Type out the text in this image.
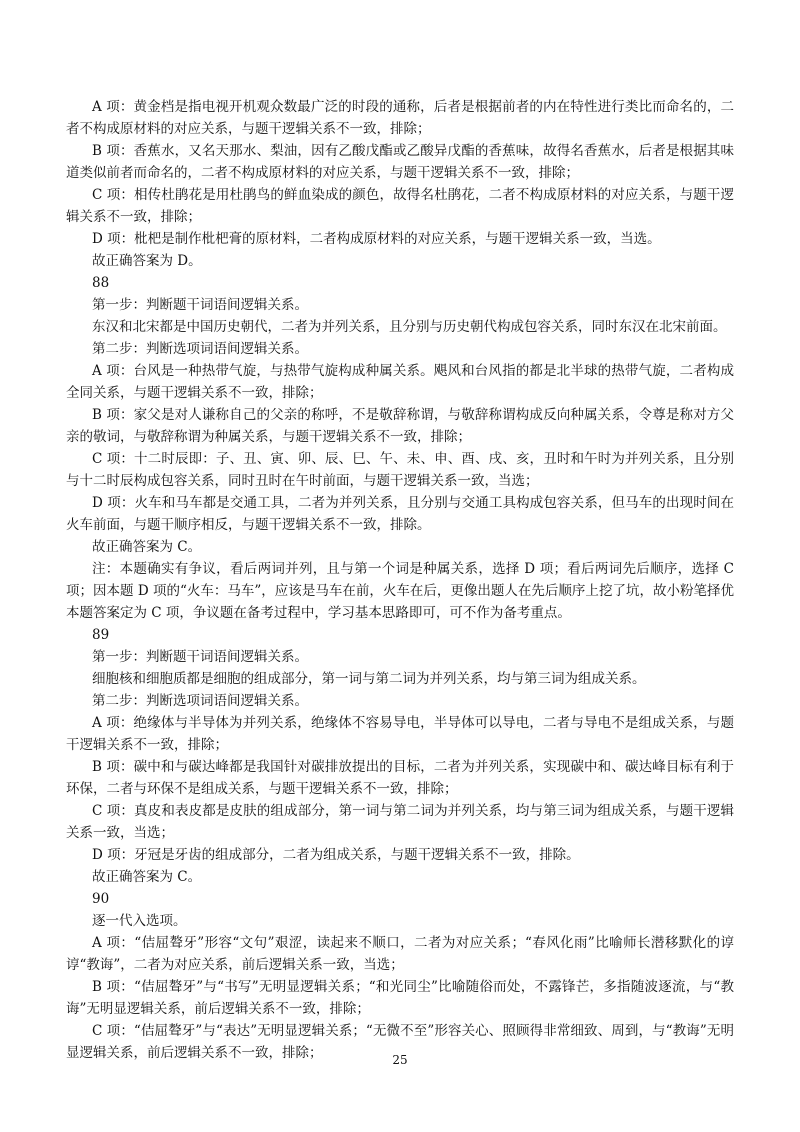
A 项：黄金档是指电视开机观众数最广泛的时段的通称，后者是根据前者的内在特性进行类比而命名的，二者不构成原材料的对应关系，与题干逻辑关系不一致，排除；

B 项：香蕉水，又名天那水、梨油，因有乙酸戊酯或乙酸异戊酯的香蕉味，故得名香蕉水，后者是根据其味道类似前者而命名的，二者不构成原材料的对应关系，与题干逻辑关系不一致，排除；

C 项：相传杜鹃花是用杜鹃鸟的鲜血染成的颜色，故得名杜鹃花，二者不构成原材料的对应关系，与题干逻辑关系不一致，排除；

D 项：枇杷是制作枇杷膏的原材料，二者构成原材料的对应关系，与题干逻辑关系一致，当选。

故正确答案为 D。

88

第一步：判断题干词语间逻辑关系。

东汉和北宋都是中国历史朝代，二者为并列关系，且分别与历史朝代构成包容关系，同时东汉在北宋前面。

第二步：判断选项词语间逻辑关系。

A 项：台风是一种热带气旋，与热带气旋构成种属关系。飓风和台风指的都是北半球的热带气旋，二者构成全同关系，与题干逻辑关系不一致，排除；

B 项：家父是对人谦称自己的父亲的称呼，不是敬辞称谓，与敬辞称谓构成反向种属关系，令尊是称对方父亲的敬词，与敬辞称谓为种属关系，与题干逻辑关系不一致，排除；

C 项：十二时辰即：子、丑、寅、卯、辰、巳、午、未、申、酉、戌、亥，丑时和午时为并列关系，且分别与十二时辰构成包容关系，同时丑时在午时前面，与题干逻辑关系一致，当选；

D 项：火车和马车都是交通工具，二者为并列关系，且分别与交通工具构成包容关系，但马车的出现时间在火车前面，与题干顺序相反，与题干逻辑关系不一致，排除。

故正确答案为 C。

注：本题确实有争议，看后两词并列，且与第一个词是种属关系，选择 D 项；看后两词先后顺序，选择 C 项；因本题 D 项的“火车：马车”，应该是马车在前，火车在后，更像出题人在先后顺序上挖了坑，故小粉笔择优本题答案定为 C 项，争议题在备考过程中，学习基本思路即可，可不作为备考重点。

89

第一步：判断题干词语间逻辑关系。

细胞核和细胞质都是细胞的组成部分，第一词与第二词为并列关系，均与第三词为组成关系。

第二步：判断选项词语间逻辑关系。

A 项：绝缘体与半导体为并列关系，绝缘体不容易导电，半导体可以导电，二者与导电不是组成关系，与题干逻辑关系不一致，排除；

B 项：碳中和与碳达峰都是我国针对碳排放提出的目标，二者为并列关系，实现碳中和、碳达峰目标有利于环保，二者与环保不是组成关系，与题干逻辑关系不一致，排除；

C 项：真皮和表皮都是皮肤的组成部分，第一词与第二词为并列关系，均与第三词为组成关系，与题干逻辑关系一致，当选；

D 项：牙冠是牙齿的组成部分，二者为组成关系，与题干逻辑关系不一致，排除。

故正确答案为 C。

90

逐一代入选项。

A 项：“佶屈聱牙”形容“文句”艰涩，读起来不顺口，二者为对应关系；“春风化雨”比喻师长潜移默化的谆谆“教诲”，二者为对应关系，前后逻辑关系一致，当选；

B 项：“佶屈聱牙”与“书写”无明显逻辑关系；“和光同尘”比喻随俗而处，不露锋芒，多指随波逐流，与“教诲”无明显逻辑关系，前后逻辑关系不一致，排除；

C 项：“佶屈聱牙”与“表达”无明显逻辑关系；“无微不至”形容关心、照顾得非常细致、周到，与“教诲”无明显逻辑关系，前后逻辑关系不一致，排除；	25
